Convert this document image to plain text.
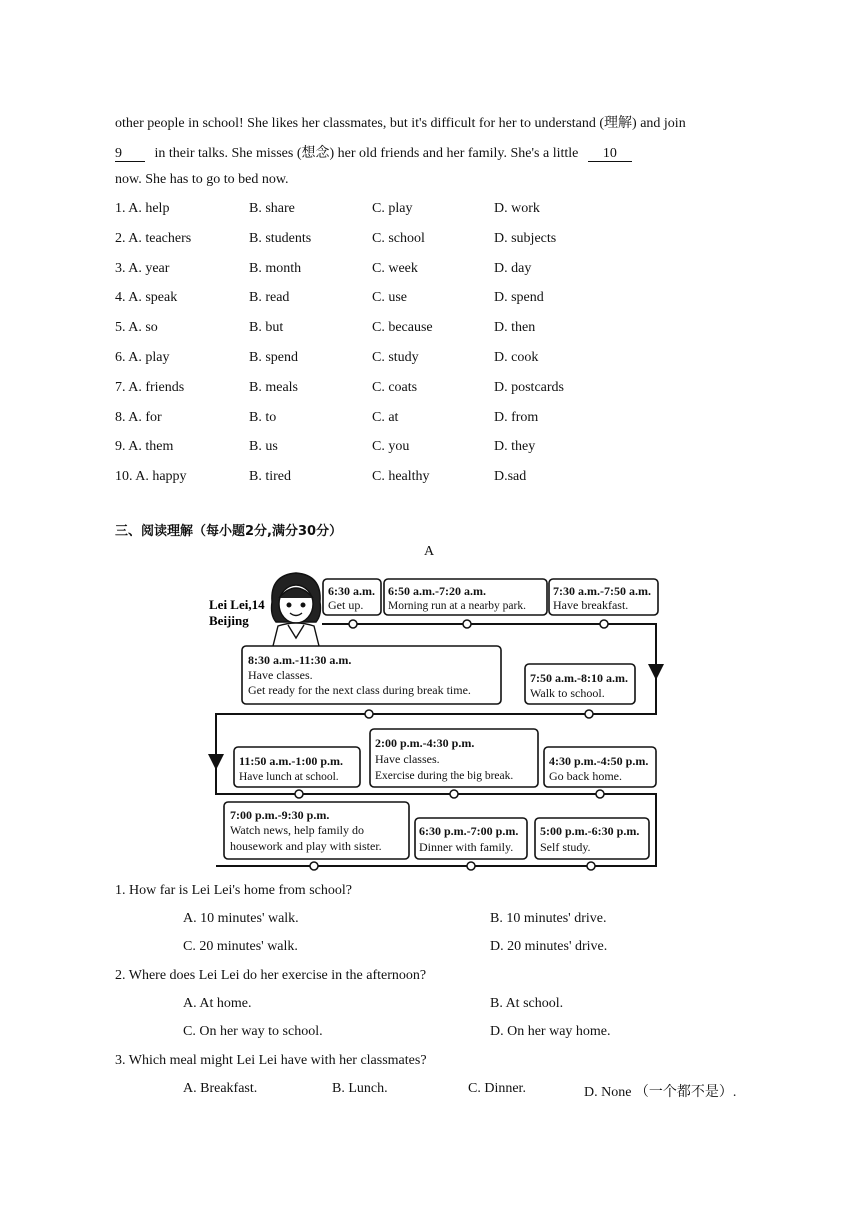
other people in school! She likes her classmates, but it's difficult for her to understand (理解) and join
9 in their talks. She misses (想念) her old friends and her family. She's a little 10
now. She has to go to bed now.
1. A. help	B. share	C. play	D. work
2. A. teachers	B. students	C. school	D. subjects
3. A. year	B. month	C. week	D. day
4. A. speak	B. read	C. use	D. spend
5. A. so	B. but	C. because	D. then
6. A. play	B. spend	C. study	D. cook
7. A. friends	B. meals	C. coats	D. postcards
8. A. for	B. to	C. at	D. from
9. A. them	B. us	C. you	D. they
10. A. happy	B. tired	C. healthy	D.sad
三、阅读理解（每小题2分,满分30分）
A
Lei Lei,14
Beijing
6:30 a.m.
Get up.
6:50 a.m.-7:20 a.m.
Morning run at a nearby park.
7:30 a.m.-7:50 a.m.
Have breakfast.
8:30 a.m.-11:30 a.m.
Have classes.
Get ready for the next class during break time.
7:50 a.m.-8:10 a.m.
Walk to school.
11:50 a.m.-1:00 p.m.
Have lunch at school.
2:00 p.m.-4:30 p.m.
Have classes.
Exercise during the big break.
4:30 p.m.-4:50 p.m.
Go back home.
7:00 p.m.-9:30 p.m.
Watch news, help family do
housework and play with sister.
6:30 p.m.-7:00 p.m.
Dinner with family.
5:00 p.m.-6:30 p.m.
Self study.
1. How far is Lei Lei's home from school?
A. 10 minutes' walk.	B. 10 minutes' drive.
C. 20 minutes' walk.	D. 20 minutes' drive.
2. Where does Lei Lei do her exercise in the afternoon?
A. At home.	B. At school.
C. On her way to school.	D. On her way home.
3. Which meal might Lei Lei have with her classmates?
A. Breakfast.	B. Lunch.	C. Dinner.	D. None （一个都不是）.
